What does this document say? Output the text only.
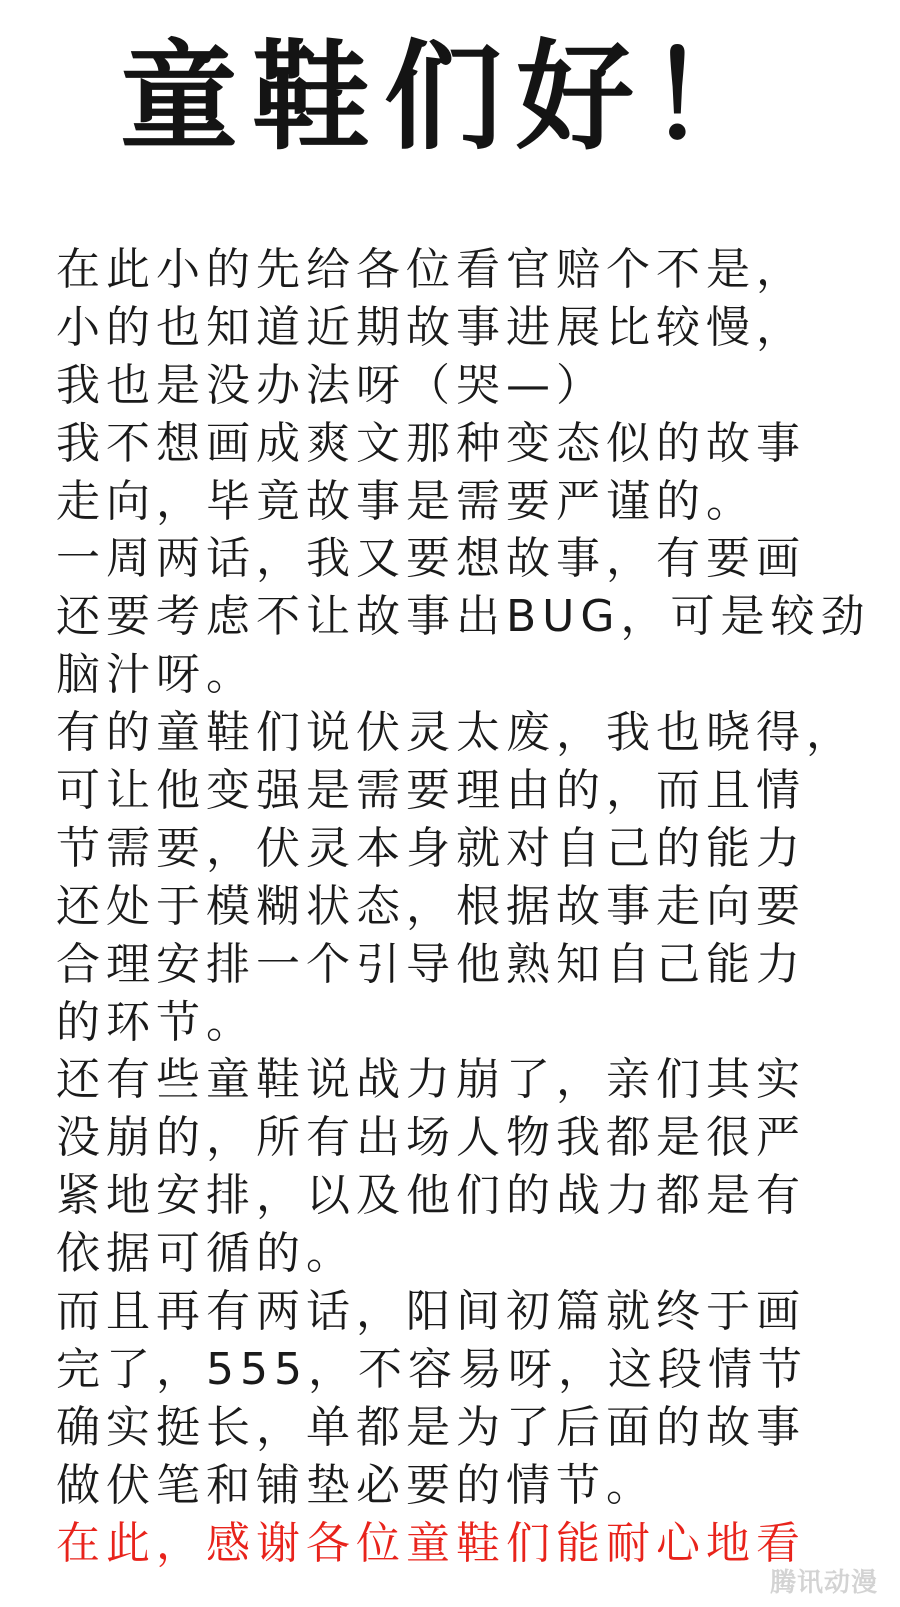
童鞋们好！
在此小的先给各位看官赔个不是，
小的也知道近期故事进展比较慢，
我也是没办法呀（哭—）
我不想画成爽文那种变态似的故事
走向，毕竟故事是需要严谨的。
一周两话，我又要想故事，有要画
还要考虑不让故事出BUG，可是较劲
脑汁呀。
有的童鞋们说伏灵太废，我也晓得，
可让他变强是需要理由的，而且情
节需要，伏灵本身就对自己的能力
还处于模糊状态，根据故事走向要
合理安排一个引导他熟知自己能力
的环节。
还有些童鞋说战力崩了，亲们其实
没崩的，所有出场人物我都是很严
紧地安排，以及他们的战力都是有
依据可循的。
而且再有两话，阳间初篇就终于画
完了，555，不容易呀，这段情节
确实挺长，单都是为了后面的故事
做伏笔和铺垫必要的情节。
在此，感谢各位童鞋们能耐心地看
腾讯动漫
